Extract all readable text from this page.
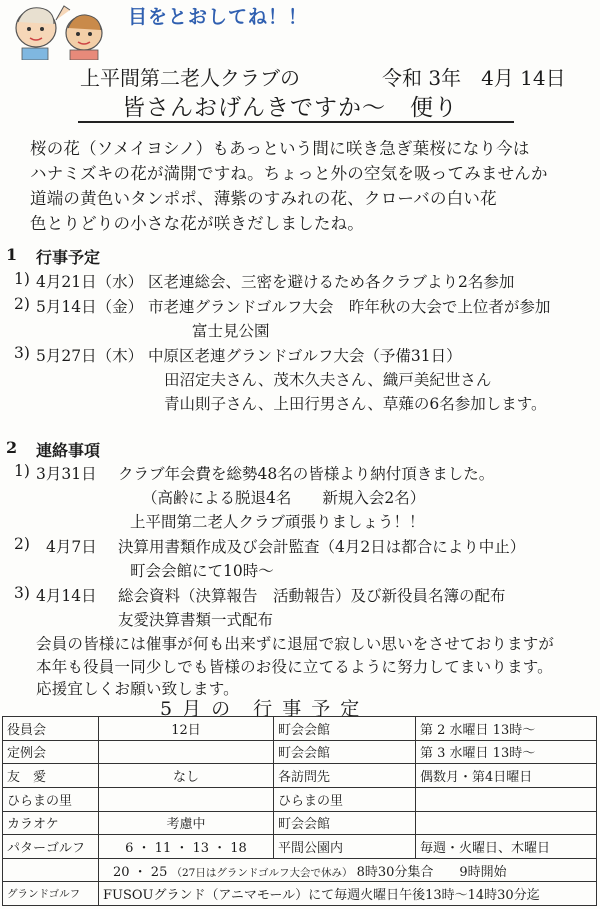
目をとおしてね！！
上平間第二老人クラブの	令和 3年　4月 14日
皆さんおげんきですか〜　便り
桜の花（ソメイヨシノ）もあっという間に咲き急ぎ葉桜になり今は
ハナミズキの花が満開ですね。ちょっと外の空気を吸ってみませんか
道端の黄色いタンポポ、薄紫のすみれの花、クローバの白い花
色とりどりの小さな花が咲きだしましたね。
1 行事予定
1) 4月21日（水） 区老連総会、三密を避けるため各クラブより2名参加
2) 5月14日（金） 市老連グランドゴルフ大会　昨年秋の大会で上位者が参加
富士見公園
3) 5月27日（木） 中原区老連グランドゴルフ大会（予備31日）
田沼定夫さん、茂木久夫さん、織戸美紀世さん
青山則子さん、上田行男さん、草薙の6名参加します。
2 連絡事項
1) 3月31日 クラブ年会費を総勢48名の皆様より納付頂きました。
（高齢による脱退4名　　新規入会2名）
上平間第二老人クラブ頑張りましょう！！
2) 4月7日 決算用書類作成及び会計監査（4月2日は都合により中止）
町会会館にて10時〜
3) 4月14日 総会資料（決算報告　活動報告）及び新役員名簿の配布
友愛決算書類一式配布
会員の皆様には催事が何も出来ずに退屈で寂しい思いをさせておりますが
本年も役員一同少しでも皆様のお役に立てるように努力してまいります。
応援宜しくお願い致します。
5 月 の　行 事 予 定
役員会	12日	町会会館	第 2 水曜日 13時〜
定例会		町会会館	第 3 水曜日 13時〜
友　愛	なし	各訪問先	偶数月・第4日曜日
ひらまの里		ひらまの里	
カラオケ	考慮中	町会会館	
パターゴルフ	6 ・ 11 ・ 13 ・ 18	平間公園内	毎週・火曜日、木曜日
	20 ・ 25 （27日はグランドゴルフ大会で休み） 8時30分集合　　9時開始		
グランドゴルフ	FUSOUグランド（アニマモール）にて毎週火曜日午後13時〜14時30分迄		
